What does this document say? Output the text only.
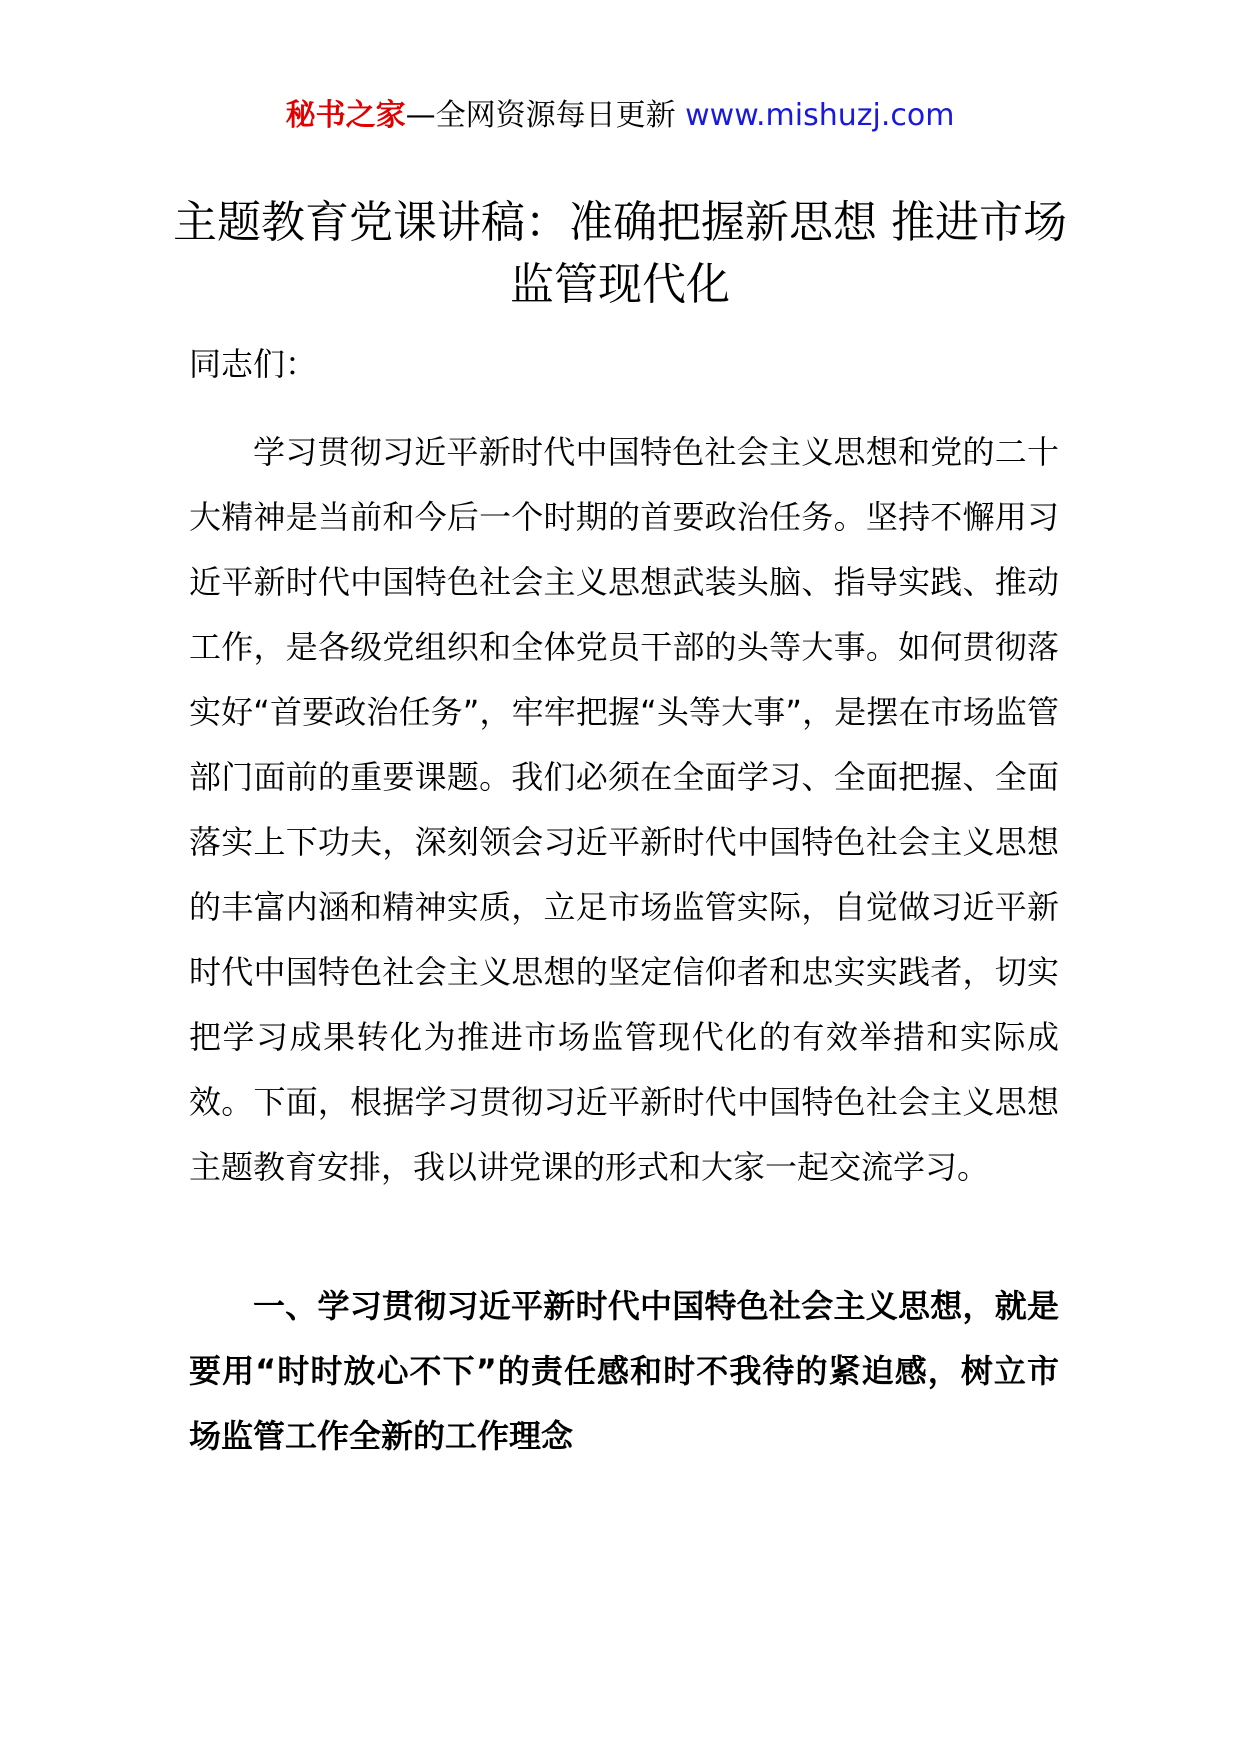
秘书之家—全网资源每日更新 www.mishuzj.com
主题教育党课讲稿：准确把握新思想 推进市场监管现代化

同志们：

学习贯彻习近平新时代中国特色社会主义思想和党的二十大精神是当前和今后一个时期的首要政治任务。坚持不懈用习近平新时代中国特色社会主义思想武装头脑、指导实践、推动工作，是各级党组织和全体党员干部的头等大事。如何贯彻落实好“首要政治任务”，牢牢把握“头等大事”，是摆在市场监管部门面前的重要课题。我们必须在全面学习、全面把握、全面落实上下功夫，深刻领会习近平新时代中国特色社会主义思想的丰富内涵和精神实质，立足市场监管实际，自觉做习近平新时代中国特色社会主义思想的坚定信仰者和忠实实践者，切实把学习成果转化为推进市场监管现代化的有效举措和实际成效。下面，根据学习贯彻习近平新时代中国特色社会主义思想主题教育安排，我以讲党课的形式和大家一起交流学习。

一、学习贯彻习近平新时代中国特色社会主义思想，就是要用“时时放心不下”的责任感和时不我待的紧迫感，树立市场监管工作全新的工作理念
